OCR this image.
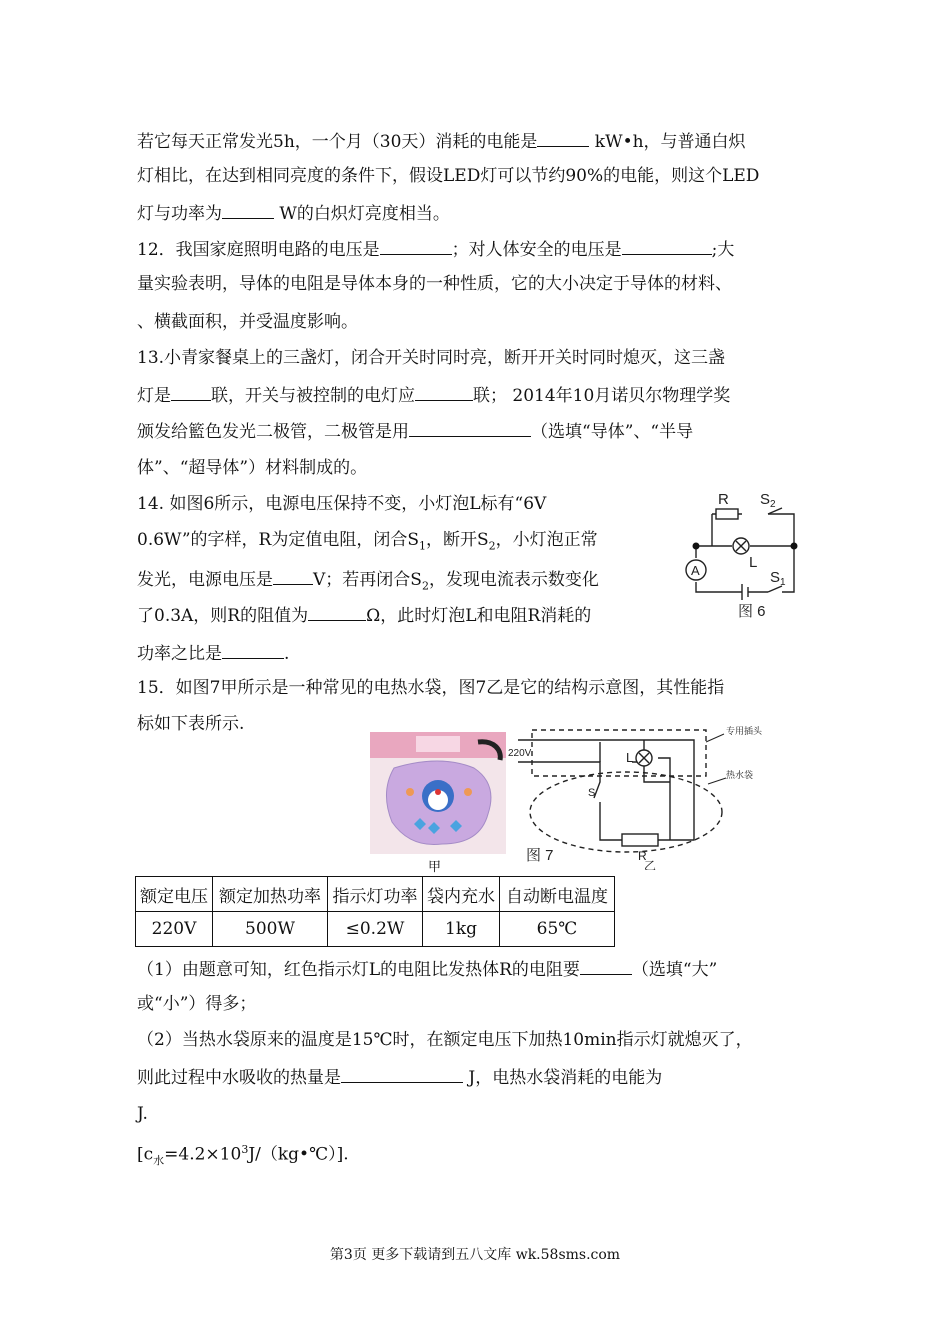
若它每天正常发光5h，一个月（30天）消耗的电能是	kW•h，与普通白炽
灯相比，在达到相同亮度的条件下，假设LED灯可以节约90%的电能，则这个LED
灯与功率为	W的白炽灯亮度相当。
12．我国家庭照明电路的电压是	；对人体安全的电压是	;大
量实验表明，导体的电阻是导体本身的一种性质，它的大小决定于导体的材料、
、横截面积，并受温度影响。
13.小青家餐桌上的三盏灯，闭合开关时同时亮，断开开关时同时熄灭，这三盏
灯是 联，开关与被控制的电灯应	联； 2014年10月诺贝尔物理学奖
颁发给籃色发光二极管，二极管是用	（选填“导体”、“半导
体”、“超导体”）材料制成的。
14. 如图6所示，电源电压保持不变，小灯泡L标有“6V
0.6W”的字样，R为定值电阻，闭合$S_1$，断开$S_2$，小灯泡正常
发光，电源电压是 V；若再闭合$S_2$，发现电流表示数变化
了0.3A，则R的阻值为	Ω，此时灯泡L和电阻R消耗的
功率之比是	.
15．如图7甲所示是一种常见的电热水袋，图7乙是它的结构示意图，其性能指
标如下表所示.
R $S_2$
A	L
$S_1$
图 6
甲
220V	L
S
R
专用插头
热水袋
图 7
乙
额定电压	额定加热功率	指示灯功率	袋内充水	自动断电温度
220V	500W	≤0.2W	1kg	65℃
（1）由题意可知，红色指示灯L的电阻比发热体R的电阻要	（选填“大”
或“小”）得多；
（2）当热水袋原来的温度是15℃时，在额定电压下加热10min指示灯就熄灭了，
则此过程中水吸收的热量是	J，电热水袋消耗的电能为
J.
$[c_水=4.2\times 10^3J/(kg•℃)]$.
第3页 更多下载请到五八文库 wk.58sms.com
